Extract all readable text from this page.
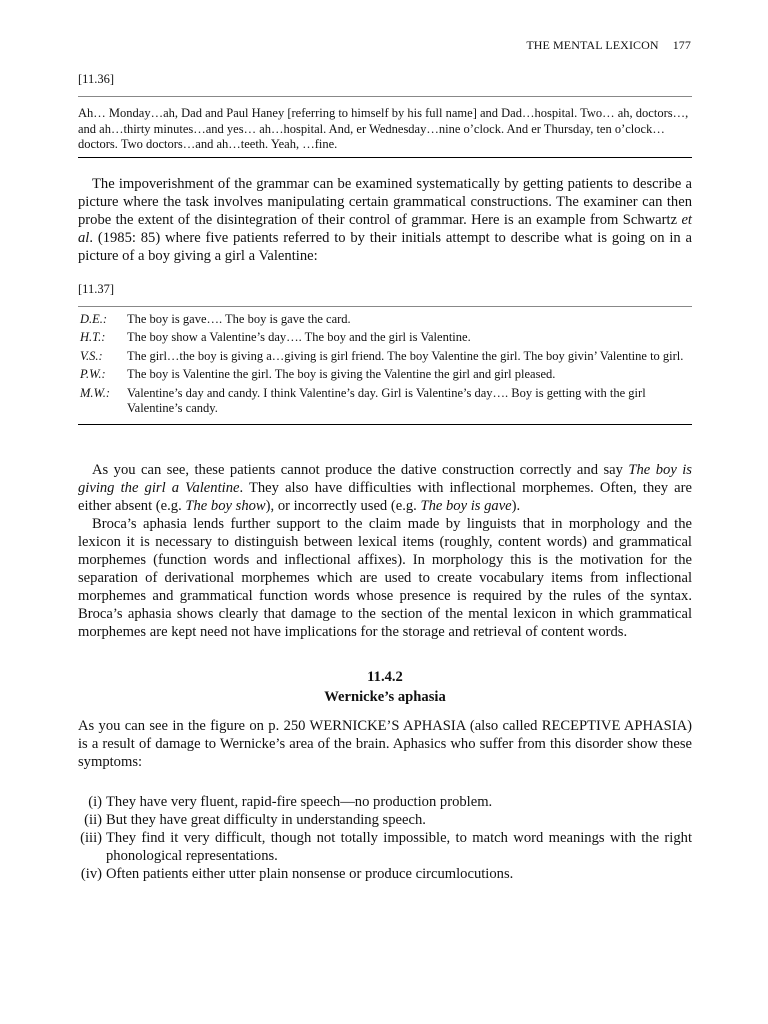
THE MENTAL LEXICON 177

[11.36]

Ah… Monday…ah, Dad and Paul Haney [referring to himself by his full name] and Dad…hospital. Two… ah, doctors…, and ah…thirty minutes…and yes… ah…hospital. And, er Wednesday…nine o’clock. And er Thursday, ten o’clock…doctors. Two doctors…and ah…teeth. Yeah, …fine.

The impoverishment of the grammar can be examined systematically by getting patients to describe a picture where the task involves manipulating certain grammatical constructions. The examiner can then probe the extent of the disintegration of their control of grammar. Here is an example from Schwartz et al. (1985: 85) where five patients referred to by their initials attempt to describe what is going on in a picture of a boy giving a girl a Valentine:

[11.37]

D.E.:	The boy is gave…. The boy is gave the card.
H.T.:	The boy show a Valentine’s day…. The boy and the girl is Valentine.
V.S.:	The girl…the boy is giving a…giving is girl friend. The boy Valentine the girl. The boy givin’ Valentine to girl.
P.W.:	The boy is Valentine the girl. The boy is giving the Valentine the girl and girl pleased.
M.W.:	Valentine’s day and candy. I think Valentine’s day. Girl is Valentine’s day…. Boy is getting with the girl Valentine’s candy.

As you can see, these patients cannot produce the dative construction correctly and say The boy is giving the girl a Valentine. They also have difficulties with inflectional morphemes. Often, they are either absent (e.g. The boy show), or incorrectly used (e.g. The boy is gave).

Broca’s aphasia lends further support to the claim made by linguists that in morphology and the lexicon it is necessary to distinguish between lexical items (roughly, content words) and grammatical morphemes (function words and inflectional affixes). In morphology this is the motivation for the separation of derivational morphemes which are used to create vocabulary items from inflectional morphemes and grammatical function words whose presence is required by the rules of the syntax. Broca’s aphasia shows clearly that damage to the section of the mental lexicon in which grammatical morphemes are kept need not have implications for the storage and retrieval of content words.

11.4.2
Wernicke’s aphasia

As you can see in the figure on p. 250 WERNICKE’S APHASIA (also called RECEPTIVE APHASIA) is a result of damage to Wernicke’s area of the brain. Aphasics who suffer from this disorder show these symptoms:

(i) They have very fluent, rapid-fire speech—no production problem.
(ii) But they have great difficulty in understanding speech.
(iii) They find it very difficult, though not totally impossible, to match word meanings with the right phonological representations.
(iv) Often patients either utter plain nonsense or produce circumlocutions.
